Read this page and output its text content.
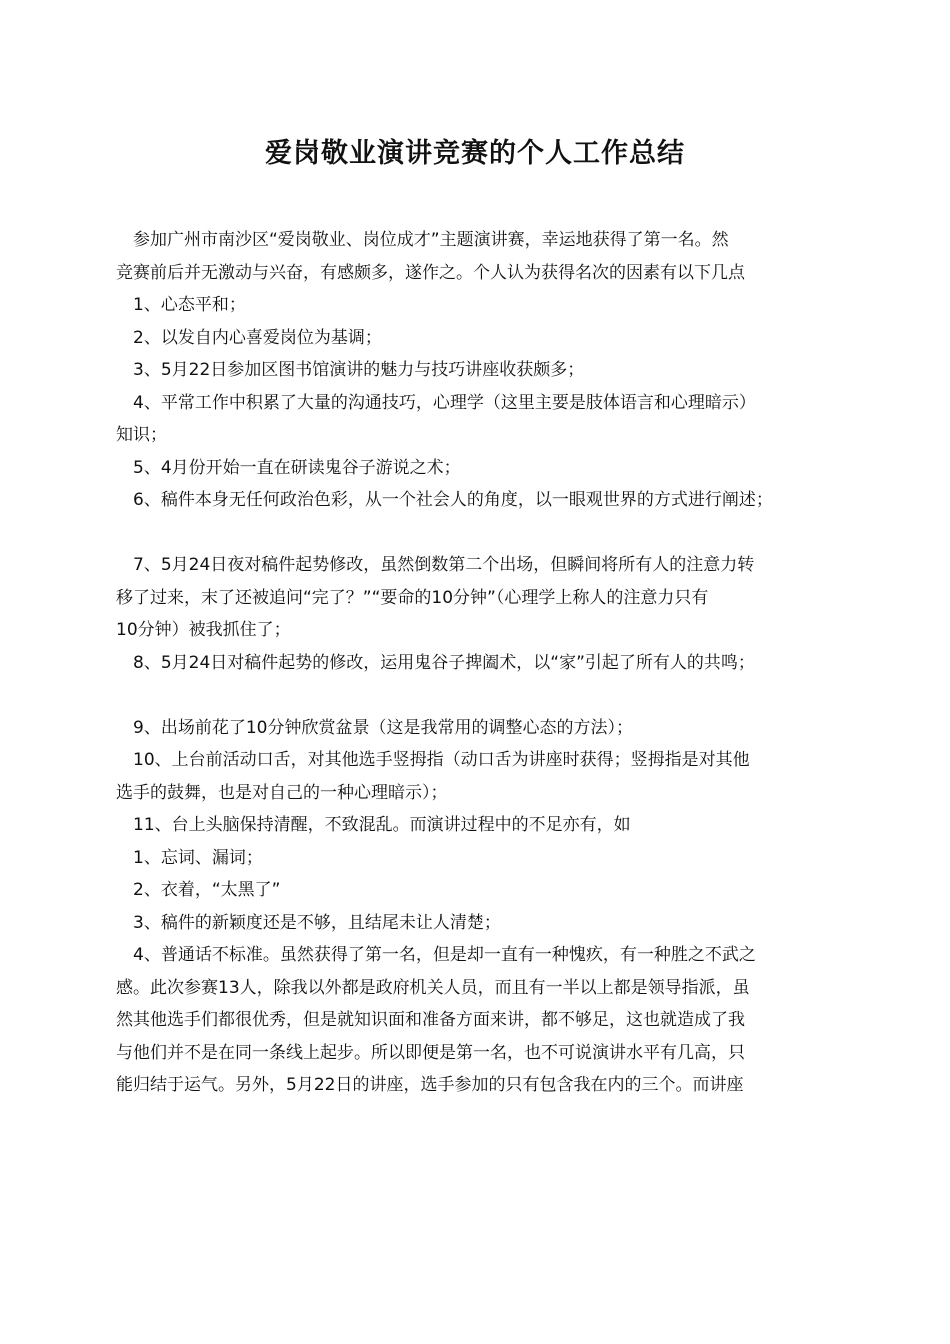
爱岗敬业演讲竞赛的个人工作总结

参加广州市南沙区“爱岗敬业、岗位成才”主题演讲赛，幸运地获得了第一名。然

竞赛前后并无激动与兴奋，有感颇多，遂作之。个人认为获得名次的因素有以下几点

1、心态平和；

2、以发自内心喜爱岗位为基调；

3、5月22日参加区图书馆演讲的魅力与技巧讲座收获颇多；

4、平常工作中积累了大量的沟通技巧，心理学（这里主要是肢体语言和心理暗示）

知识；

5、4月份开始一直在研读鬼谷子游说之术；

6、稿件本身无任何政治色彩，从一个社会人的角度，以一眼观世界的方式进行阐述；

7、5月24日夜对稿件起势修改，虽然倒数第二个出场，但瞬间将所有人的注意力转

移了过来，末了还被追问“完了？”“要命的10分钟”（心理学上称人的注意力只有

10分钟）被我抓住了；

8、5月24日对稿件起势的修改，运用鬼谷子捭阖术，以“家”引起了所有人的共鸣；

9、出场前花了10分钟欣赏盆景（这是我常用的调整心态的方法）；

10、上台前活动口舌，对其他选手竖拇指（动口舌为讲座时获得；竖拇指是对其他

选手的鼓舞，也是对自己的一种心理暗示）；

11、台上头脑保持清醒，不致混乱。而演讲过程中的不足亦有，如

1、忘词、漏词；

2、衣着，“太黑了”

3、稿件的新颖度还是不够，且结尾未让人清楚；

4、普通话不标准。虽然获得了第一名，但是却一直有一种愧疚，有一种胜之不武之

感。此次参赛13人，除我以外都是政府机关人员，而且有一半以上都是领导指派，虽

然其他选手们都很优秀，但是就知识面和准备方面来讲，都不够足，这也就造成了我

与他们并不是在同一条线上起步。所以即便是第一名，也不可说演讲水平有几高，只

能归结于运气。另外，5月22日的讲座，选手参加的只有包含我在内的三个。而讲座
